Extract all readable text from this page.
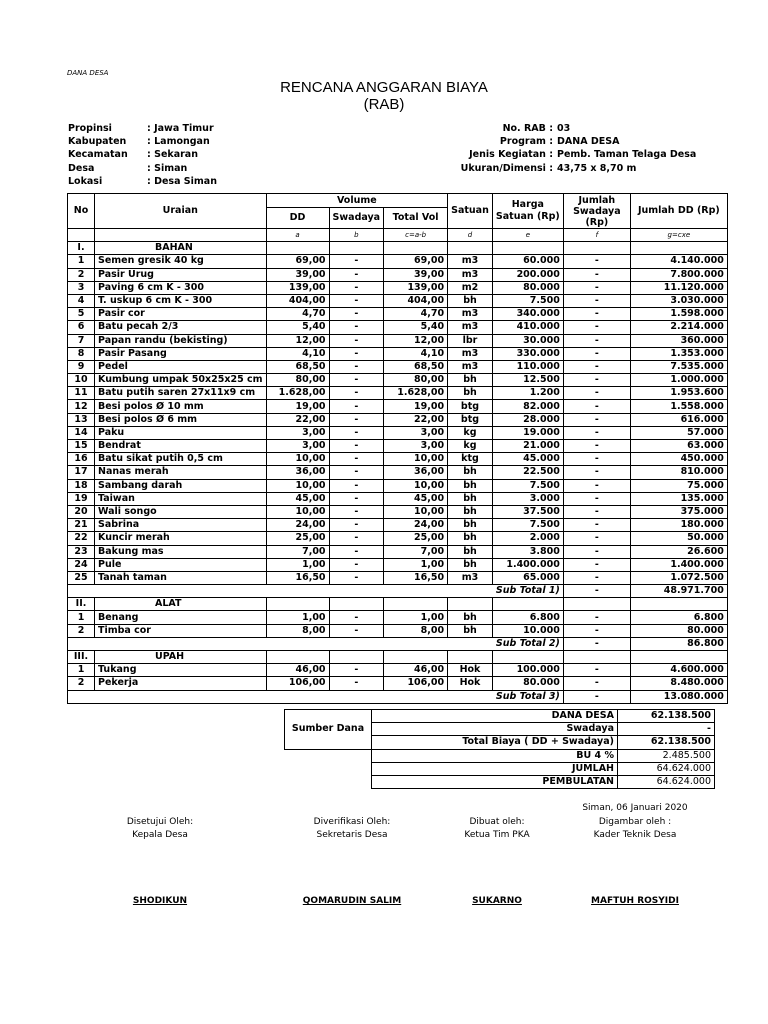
DANA DESA
RENCANA ANGGARAN BIAYA
(RAB)
Propinsi	: Jawa Timur
Kabupaten : Lamongan
Kecamatan : Sekaran
Desa	: Siman
Lokasi	: Desa Siman
No. RAB : 03
Program : DANA DESA
Jenis Kegiatan : Pemb. Taman Telaga Desa
Ukuran/Dimensi : 43,75 x 8,70 m
No	Uraian	Volume			Satuan	Harga Satuan (Rp)	Jumlah Swadaya (Rp)	Jumlah DD (Rp)
		DD	Swadaya	Total Vol				
		a	b	c=a-b	d	e	f	g=cxe
I.	BAHAN							
1	Semen gresik 40 kg	69,00	-	69,00	m3	60.000	-	4.140.000
2	Pasir Urug	39,00	-	39,00	m3	200.000	-	7.800.000
3	Paving 6 cm K - 300	139,00	-	139,00	m2	80.000	-	11.120.000
4	T. uskup 6 cm K - 300	404,00	-	404,00	bh	7.500	-	3.030.000
5	Pasir cor	4,70	-	4,70	m3	340.000	-	1.598.000
6	Batu pecah 2/3	5,40	-	5,40	m3	410.000	-	2.214.000
7	Papan randu (bekisting)	12,00	-	12,00	lbr	30.000	-	360.000
8	Pasir Pasang	4,10	-	4,10	m3	330.000	-	1.353.000
9	Pedel	68,50	-	68,50	m3	110.000	-	7.535.000
10	Kumbung umpak 50x25x25 cm	80,00	-	80,00	bh	12.500	-	1.000.000
11	Batu putih saren 27x11x9 cm	1.628,00	-	1.628,00	bh	1.200	-	1.953.600
12	Besi polos Ø 10 mm	19,00	-	19,00	btg	82.000	-	1.558.000
13	Besi polos Ø 6 mm	22,00	-	22,00	btg	28.000	-	616.000
14	Paku	3,00	-	3,00	kg	19.000	-	57.000
15	Bendrat	3,00	-	3,00	kg	21.000	-	63.000
16	Batu sikat putih 0,5 cm	10,00	-	10,00	ktg	45.000	-	450.000
17	Nanas merah	36,00	-	36,00	bh	22.500	-	810.000
18	Sambang darah	10,00	-	10,00	bh	7.500	-	75.000
19	Taiwan	45,00	-	45,00	bh	3.000	-	135.000
20	Wali songo	10,00	-	10,00	bh	37.500	-	375.000
21	Sabrina	24,00	-	24,00	bh	7.500	-	180.000
22	Kuncir merah	25,00	-	25,00	bh	2.000	-	50.000
23	Bakung mas	7,00	-	7,00	bh	3.800	-	26.600
24	Pule	1,00	-	1,00	bh	1.400.000	-	1.400.000
25	Tanah taman	16,50	-	16,50	m3	65.000	-	1.072.500
Sub Total 1)							-	48.971.700
II.	ALAT							
1	Benang	1,00	-	1,00	bh	6.800	-	6.800
2	Timba cor	8,00	-	8,00	bh	10.000	-	80.000
Sub Total 2)							-	86.800
III.	UPAH							
1	Tukang	46,00	-	46,00	Hok	100.000	-	4.600.000
2	Pekerja	106,00	-	106,00	Hok	80.000	-	8.480.000
Sub Total 3)							-	13.080.000
Sumber Dana	DANA DESA	62.138.500
	Swadaya	-
	Total Biaya ( DD + Swadaya)	62.138.500
	BU 4 %	2.485.500
	JUMLAH	64.624.000
	PEMBULATAN	64.624.000
Siman, 06 Januari 2020
Disetujui Oleh:
Kepala Desa
SHODIKUN
Diverifikasi Oleh:
Sekretaris Desa
QOMARUDIN SALIM
Dibuat oleh:
Ketua Tim PKA
SUKARNO
Digambar oleh :
Kader Teknik Desa
MAFTUH ROSYIDI
